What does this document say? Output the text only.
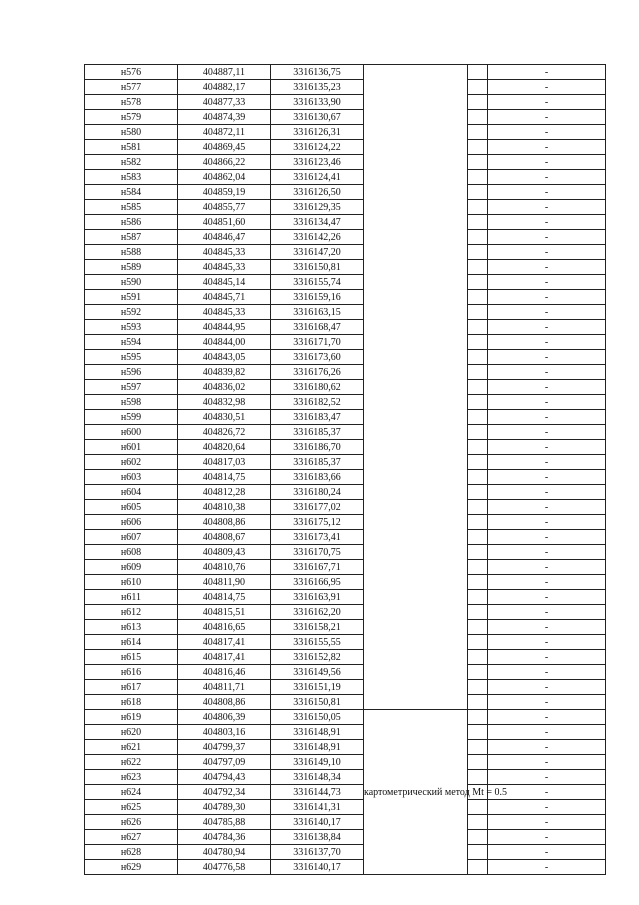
н576	404887,11	3316136,75			-
н577	404882,17	3316135,23			-
н578	404877,33	3316133,90			-
н579	404874,39	3316130,67			-
н580	404872,11	3316126,31			-
н581	404869,45	3316124,22			-
н582	404866,22	3316123,46			-
н583	404862,04	3316124,41			-
н584	404859,19	3316126,50			-
н585	404855,77	3316129,35			-
н586	404851,60	3316134,47			-
н587	404846,47	3316142,26			-
н588	404845,33	3316147,20			-
н589	404845,33	3316150,81			-
н590	404845,14	3316155,74			-
н591	404845,71	3316159,16			-
н592	404845,33	3316163,15			-
н593	404844,95	3316168,47			-
н594	404844,00	3316171,70			-
н595	404843,05	3316173,60			-
н596	404839,82	3316176,26			-
н597	404836,02	3316180,62			-
н598	404832,98	3316182,52			-
н599	404830,51	3316183,47			-
н600	404826,72	3316185,37			-
н601	404820,64	3316186,70			-
н602	404817,03	3316185,37			-
н603	404814,75	3316183,66			-
н604	404812,28	3316180,24			-
н605	404810,38	3316177,02			-
н606	404808,86	3316175,12			-
н607	404808,67	3316173,41			-
н608	404809,43	3316170,75			-
н609	404810,76	3316167,71			-
н610	404811,90	3316166,95			-
н611	404814,75	3316163,91			-
н612	404815,51	3316162,20			-
н613	404816,65	3316158,21			-
н614	404817,41	3316155,55			-
н615	404817,41	3316152,82			-
н616	404816,46	3316149,56			-
н617	404811,71	3316151,19			-
н618	404808,86	3316150,81			-
н619	404806,39	3316150,05	картометрический метод Mt = 0.5		-
н620	404803,16	3316148,91			-
н621	404799,37	3316148,91			-
н622	404797,09	3316149,10			-
н623	404794,43	3316148,34			-
н624	404792,34	3316144,73			-
н625	404789,30	3316141,31			-
н626	404785,88	3316140,17			-
н627	404784,36	3316138,84			-
н628	404780,94	3316137,70			-
н629	404776,58	3316140,17			-
